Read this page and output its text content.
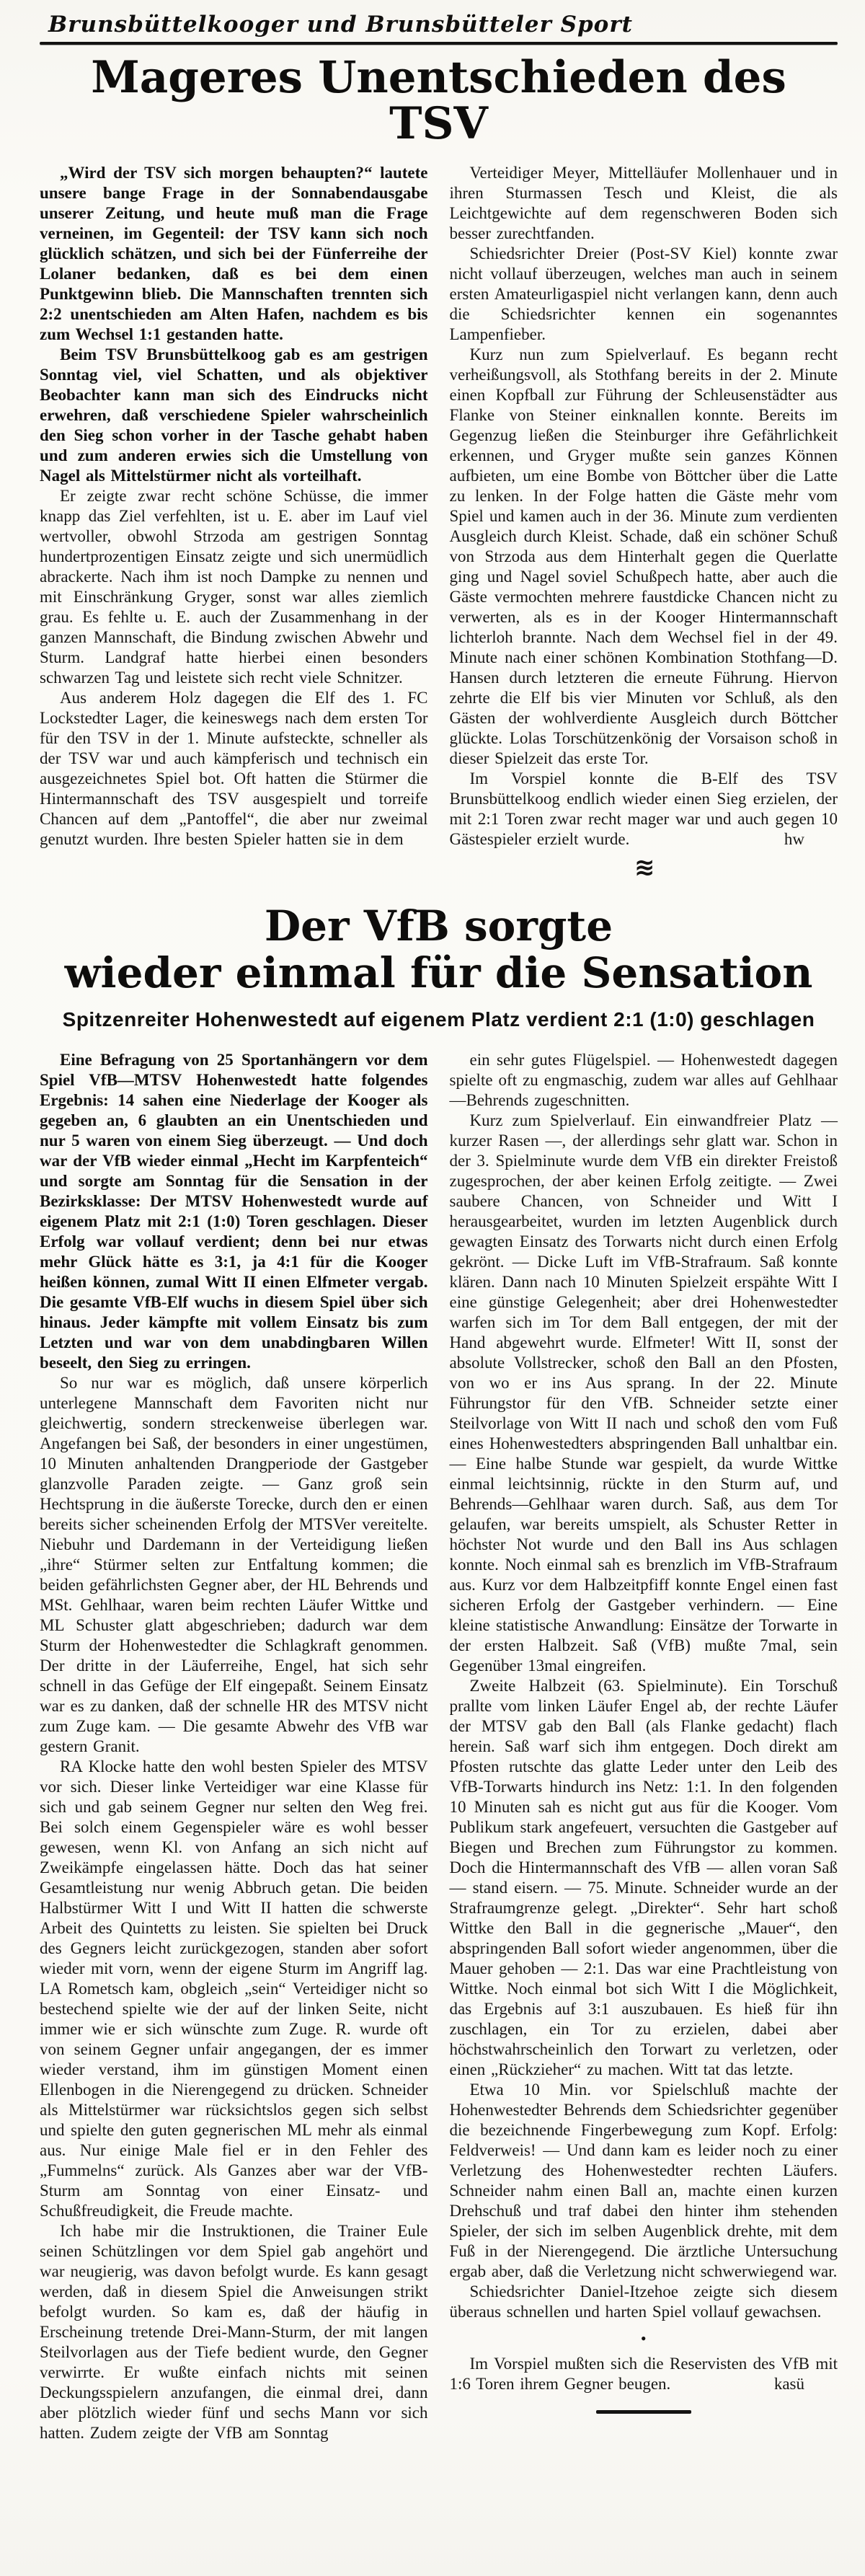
Brunsbüttelkooger und Brunsbütteler Sport
Mageres Unentschieden des TSV

„Wird der TSV sich morgen behaupten?“ lautete unsere bange Frage in der Sonnabendausgabe unserer Zeitung, und heute muß man die Frage verneinen, im Gegenteil: der TSV kann sich noch glücklich schätzen, und sich bei der Fünferreihe der Lolaner bedanken, daß es bei dem einen Punktgewinn blieb. Die Mannschaften trennten sich 2:2 unentschieden am Alten Hafen, nachdem es bis zum Wechsel 1:1 gestanden hatte.

Beim TSV Brunsbüttelkoog gab es am gestrigen Sonntag viel, viel Schatten, und als objektiver Beobachter kann man sich des Eindrucks nicht erwehren, daß verschiedene Spieler wahrscheinlich den Sieg schon vorher in der Tasche gehabt haben und zum anderen erwies sich die Umstellung von Nagel als Mittelstürmer nicht als vorteilhaft.

Er zeigte zwar recht schöne Schüsse, die immer knapp das Ziel verfehlten, ist u. E. aber im Lauf viel wertvoller, obwohl Strzoda am gestrigen Sonntag hundertprozentigen Einsatz zeigte und sich unermüdlich abrackerte. Nach ihm ist noch Dampke zu nennen und mit Einschränkung Gryger, sonst war alles ziemlich grau. Es fehlte u. E. auch der Zusammenhang in der ganzen Mannschaft, die Bindung zwischen Abwehr und Sturm. Landgraf hatte hierbei einen besonders schwarzen Tag und leistete sich recht viele Schnitzer.

Aus anderem Holz dagegen die Elf des 1. FC Lockstedter Lager, die keineswegs nach dem ersten Tor für den TSV in der 1. Minute aufsteckte, schneller als der TSV war und auch kämpferisch und technisch ein ausgezeichnetes Spiel bot. Oft hatten die Stürmer die Hintermannschaft des TSV ausgespielt und torreife Chancen auf dem „Pantoffel“, die aber nur zweimal genutzt wurden. Ihre besten Spieler hatten sie in dem

Verteidiger Meyer, Mittelläufer Mollenhauer und in ihren Sturmassen Tesch und Kleist, die als Leichtgewichte auf dem regenschweren Boden sich besser zurechtfanden.

Schiedsrichter Dreier (Post-SV Kiel) konnte zwar nicht vollauf überzeugen, welches man auch in seinem ersten Amateurligaspiel nicht verlangen kann, denn auch die Schiedsrichter kennen ein sogenanntes Lampenfieber.

Kurz nun zum Spielverlauf. Es begann recht verheißungsvoll, als Stothfang bereits in der 2. Minute einen Kopfball zur Führung der Schleusenstädter aus Flanke von Steiner einknallen konnte. Bereits im Gegenzug ließen die Steinburger ihre Gefährlichkeit erkennen, und Gryger mußte sein ganzes Können aufbieten, um eine Bombe von Böttcher über die Latte zu lenken. In der Folge hatten die Gäste mehr vom Spiel und kamen auch in der 36. Minute zum verdienten Ausgleich durch Kleist. Schade, daß ein schöner Schuß von Strzoda aus dem Hinterhalt gegen die Querlatte ging und Nagel soviel Schußpech hatte, aber auch die Gäste vermochten mehrere faustdicke Chancen nicht zu verwerten, als es in der Kooger Hintermannschaft lichterloh brannte. Nach dem Wechsel fiel in der 49. Minute nach einer schönen Kombination Stothfang—D. Hansen durch letzteren die erneute Führung. Hiervon zehrte die Elf bis vier Minuten vor Schluß, als den Gästen der wohlverdiente Ausgleich durch Böttcher glückte. Lolas Torschützenkönig der Vorsaison schoß in dieser Spielzeit das erste Tor.

Im Vorspiel konnte die B-Elf des TSV Brunsbüttelkoog endlich wieder einen Sieg erzielen, der mit 2:1 Toren zwar recht mager war und auch gegen 10 Gästespieler erzielt wurde.	hw
≋
Der VfB sorgte
wieder einmal für die Sensation
Spitzenreiter Hohenwestedt auf eigenem Platz verdient 2:1 (1:0) geschlagen

Eine Befragung von 25 Sportanhängern vor dem Spiel VfB—MTSV Hohenwestedt hatte folgendes Ergebnis: 14 sahen eine Niederlage der Kooger als gegeben an, 6 glaubten an ein Unentschieden und nur 5 waren von einem Sieg überzeugt. — Und doch war der VfB wieder einmal „Hecht im Karpfenteich“ und sorgte am Sonntag für die Sensation in der Bezirksklasse: Der MTSV Hohenwestedt wurde auf eigenem Platz mit 2:1 (1:0) Toren geschlagen. Dieser Erfolg war vollauf verdient; denn bei nur etwas mehr Glück hätte es 3:1, ja 4:1 für die Kooger heißen können, zumal Witt II einen Elfmeter vergab. Die gesamte VfB-Elf wuchs in diesem Spiel über sich hinaus. Jeder kämpfte mit vollem Einsatz bis zum Letzten und war von dem unabdingbaren Willen beseelt, den Sieg zu erringen.

So nur war es möglich, daß unsere körperlich unterlegene Mannschaft dem Favoriten nicht nur gleichwertig, sondern streckenweise überlegen war. Angefangen bei Saß, der besonders in einer ungestümen, 10 Minuten anhaltenden Drangperiode der Gastgeber glanzvolle Paraden zeigte. — Ganz groß sein Hechtsprung in die äußerste Torecke, durch den er einen bereits sicher scheinenden Erfolg der MTSVer vereitelte. Niebuhr und Dardemann in der Verteidigung ließen „ihre“ Stürmer selten zur Entfaltung kommen; die beiden gefährlichsten Gegner aber, der HL Behrends und MSt. Gehlhaar, waren beim rechten Läufer Wittke und ML Schuster glatt abgeschrieben; dadurch war dem Sturm der Hohenwestedter die Schlagkraft genommen. Der dritte in der Läuferreihe, Engel, hat sich sehr schnell in das Gefüge der Elf eingepaßt. Seinem Einsatz war es zu danken, daß der schnelle HR des MTSV nicht zum Zuge kam. — Die gesamte Abwehr des VfB war gestern Granit.

RA Klocke hatte den wohl besten Spieler des MTSV vor sich. Dieser linke Verteidiger war eine Klasse für sich und gab seinem Gegner nur selten den Weg frei. Bei solch einem Gegenspieler wäre es wohl besser gewesen, wenn Kl. von Anfang an sich nicht auf Zweikämpfe eingelassen hätte. Doch das hat seiner Gesamtleistung nur wenig Abbruch getan. Die beiden Halbstürmer Witt I und Witt II hatten die schwerste Arbeit des Quintetts zu leisten. Sie spielten bei Druck des Gegners leicht zurückgezogen, standen aber sofort wieder mit vorn, wenn der eigene Sturm im Angriff lag. LA Rometsch kam, obgleich „sein“ Verteidiger nicht so bestechend spielte wie der auf der linken Seite, nicht immer wie er sich wünschte zum Zuge. R. wurde oft von seinem Gegner unfair angegangen, der es immer wieder verstand, ihm im günstigen Moment einen Ellenbogen in die Nierengegend zu drücken. Schneider als Mittelstürmer war rücksichtslos gegen sich selbst und spielte den guten gegnerischen ML mehr als einmal aus. Nur einige Male fiel er in den Fehler des „Fummelns“ zurück. Als Ganzes aber war der VfB-Sturm am Sonntag von einer Einsatz- und Schußfreudigkeit, die Freude machte.

Ich habe mir die Instruktionen, die Trainer Eule seinen Schützlingen vor dem Spiel gab angehört und war neugierig, was davon befolgt wurde. Es kann gesagt werden, daß in diesem Spiel die Anweisungen strikt befolgt wurden. So kam es, daß der häufig in Erscheinung tretende Drei-Mann-Sturm, der mit langen Steilvorlagen aus der Tiefe bedient wurde, den Gegner verwirrte. Er wußte einfach nichts mit seinen Deckungsspielern anzufangen, die einmal drei, dann aber plötzlich wieder fünf und sechs Mann vor sich hatten. Zudem zeigte der VfB am Sonntag

ein sehr gutes Flügelspiel. — Hohenwestedt dagegen spielte oft zu engmaschig, zudem war alles auf Gehlhaar—Behrends zugeschnitten.

Kurz zum Spielverlauf. Ein einwandfreier Platz — kurzer Rasen —, der allerdings sehr glatt war. Schon in der 3. Spielminute wurde dem VfB ein direkter Freistoß zugesprochen, der aber keinen Erfolg zeitigte. — Zwei saubere Chancen, von Schneider und Witt I herausgearbeitet, wurden im letzten Augenblick durch gewagten Einsatz des Torwarts nicht durch einen Erfolg gekrönt. — Dicke Luft im VfB-Strafraum. Saß konnte klären. Dann nach 10 Minuten Spielzeit erspähte Witt I eine günstige Gelegenheit; aber drei Hohenwestedter warfen sich im Tor dem Ball entgegen, der mit der Hand abgewehrt wurde. Elfmeter! Witt II, sonst der absolute Vollstrecker, schoß den Ball an den Pfosten, von wo er ins Aus sprang. In der 22. Minute Führungstor für den VfB. Schneider setzte einer Steilvorlage von Witt II nach und schoß den vom Fuß eines Hohenwestedters abspringenden Ball unhaltbar ein. — Eine halbe Stunde war gespielt, da wurde Wittke einmal leichtsinnig, rückte in den Sturm auf, und Behrends—Gehlhaar waren durch. Saß, aus dem Tor gelaufen, war bereits umspielt, als Schuster Retter in höchster Not wurde und den Ball ins Aus schlagen konnte. Noch einmal sah es brenzlich im VfB-Strafraum aus. Kurz vor dem Halbzeitpfiff konnte Engel einen fast sicheren Erfolg der Gastgeber verhindern. — Eine kleine statistische Anwandlung: Einsätze der Torwarte in der ersten Halbzeit. Saß (VfB) mußte 7mal, sein Gegenüber 13mal eingreifen.

Zweite Halbzeit (63. Spielminute). Ein Torschuß prallte vom linken Läufer Engel ab, der rechte Läufer der MTSV gab den Ball (als Flanke gedacht) flach herein. Saß warf sich ihm entgegen. Doch direkt am Pfosten rutschte das glatte Leder unter den Leib des VfB-Torwarts hindurch ins Netz: 1:1. In den folgenden 10 Minuten sah es nicht gut aus für die Kooger. Vom Publikum stark angefeuert, versuchten die Gastgeber auf Biegen und Brechen zum Führungstor zu kommen. Doch die Hintermannschaft des VfB — allen voran Saß — stand eisern. — 75. Minute. Schneider wurde an der Strafraumgrenze gelegt. „Direkter“. Sehr hart schoß Wittke den Ball in die gegnerische „Mauer“, den abspringenden Ball sofort wieder angenommen, über die Mauer gehoben — 2:1. Das war eine Prachtleistung von Wittke. Noch einmal bot sich Witt I die Möglichkeit, das Ergebnis auf 3:1 auszubauen. Es hieß für ihn zuschlagen, ein Tor zu erzielen, dabei aber höchstwahrscheinlich den Torwart zu verletzen, oder einen „Rückzieher“ zu machen. Witt tat das letzte.

Etwa 10 Min. vor Spielschluß machte der Hohenwestedter Behrends dem Schiedsrichter gegenüber die bezeichnende Fingerbewegung zum Kopf. Erfolg: Feldverweis! — Und dann kam es leider noch zu einer Verletzung des Hohenwestedter rechten Läufers. Schneider nahm einen Ball an, machte einen kurzen Drehschuß und traf dabei den hinter ihm stehenden Spieler, der sich im selben Augenblick drehte, mit dem Fuß in der Nierengegend. Die ärztliche Untersuchung ergab aber, daß die Verletzung nicht schwerwiegend war.

Schiedsrichter Daniel-Itzehoe zeigte sich diesem überaus schnellen und harten Spiel vollauf gewachsen.

•

Im Vorspiel mußten sich die Reservisten des VfB mit 1:6 Toren ihrem Gegner beugen.	kasü
